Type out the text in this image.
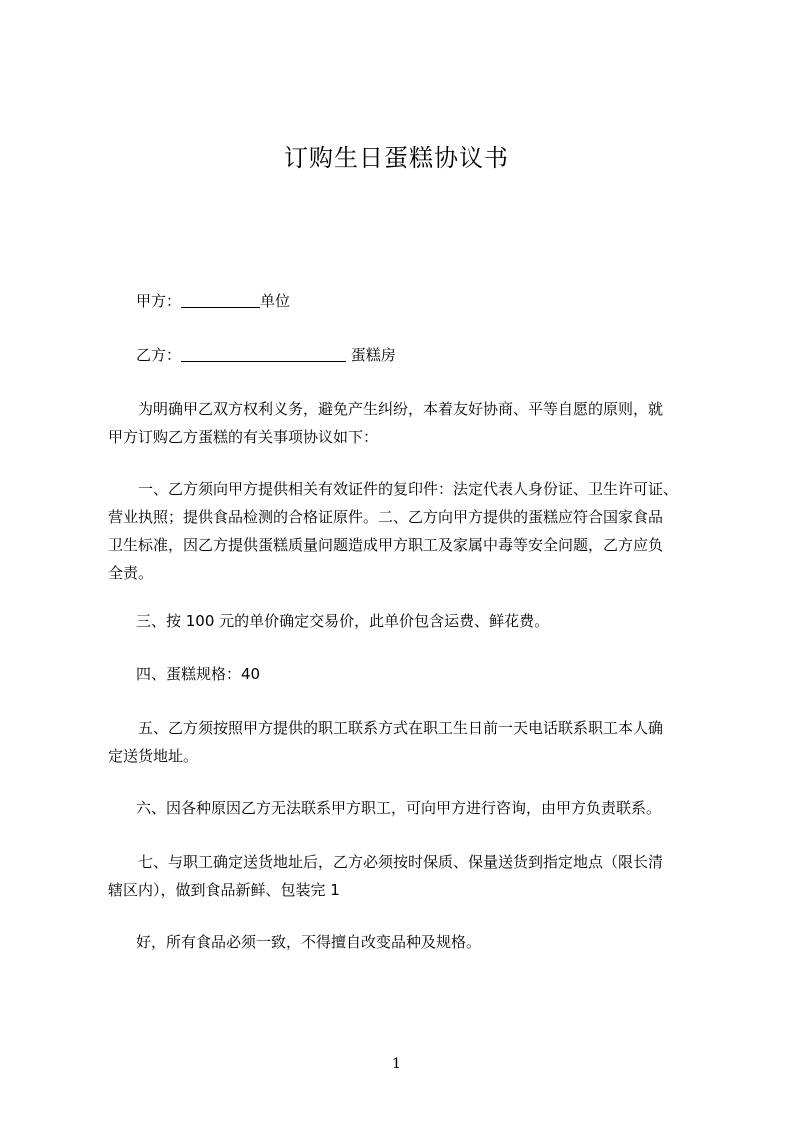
订购生日蛋糕协议书
甲方：	单位
乙方：	蛋糕房
为明确甲乙双方权利义务，避免产生纠纷，本着友好协商、平等自愿的原则，就
甲方订购乙方蛋糕的有关事项协议如下：
一、乙方须向甲方提供相关有效证件的复印件：法定代表人身份证、卫生许可证、
营业执照；提供食品检测的合格证原件。二、乙方向甲方提供的蛋糕应符合国家食品
卫生标准，因乙方提供蛋糕质量问题造成甲方职工及家属中毒等安全问题，乙方应负
全责。
三、按 100 元的单价确定交易价，此单价包含运费、鲜花费。
四、蛋糕规格：40
五、乙方须按照甲方提供的职工联系方式在职工生日前一天电话联系职工本人确
定送货地址。
六、因各种原因乙方无法联系甲方职工，可向甲方进行咨询，由甲方负责联系。
七、与职工确定送货地址后，乙方必须按时保质、保量送货到指定地点（限长清
辖区内），做到食品新鲜、包装完 1
好，所有食品必须一致，不得擅自改变品种及规格。
1
